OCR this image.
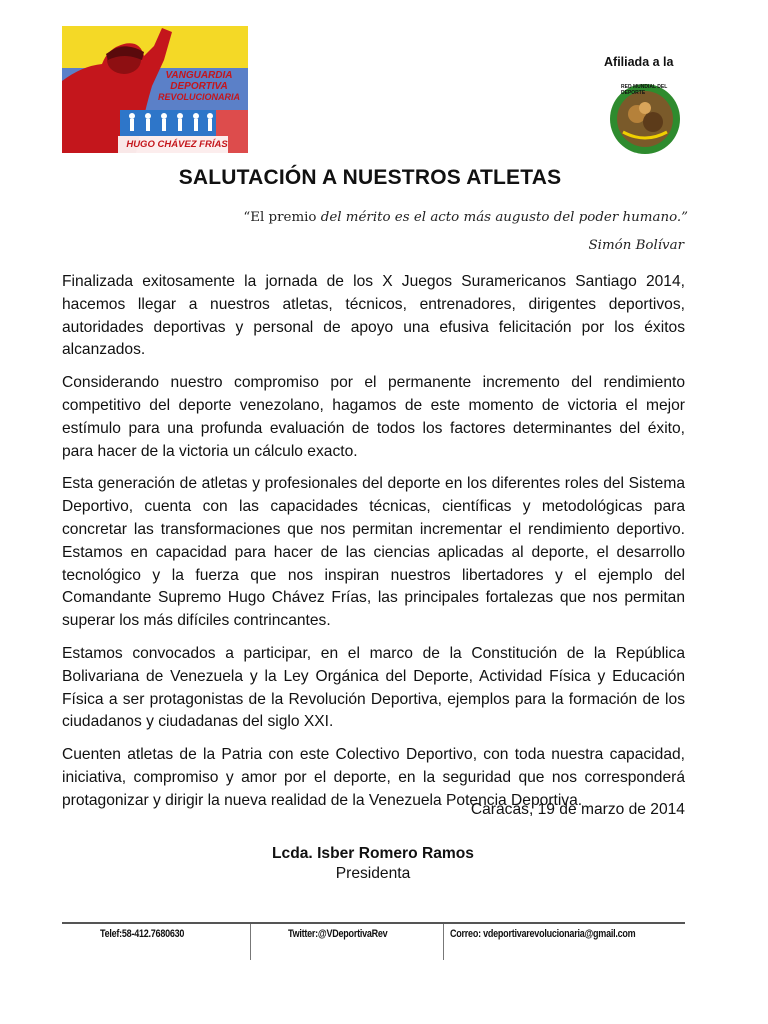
VANGUARDIA
DEPORTIVA
REVOLUCIONARIA
HUGO CHÁVEZ FRÍAS
Afiliada a la
RED MUNDIAL DEL DEPORTE
SALUTACIÓN A NUESTROS ATLETAS
“El premio del mérito es el acto más augusto del poder humano.”
Simón Bolívar

Finalizada exitosamente la jornada de los X Juegos Suramericanos Santiago 2014, hacemos llegar a nuestros atletas, técnicos, entrenadores, dirigentes deportivos, autoridades deportivas y personal de apoyo una efusiva felicitación por los éxitos alcanzados.

Considerando nuestro compromiso por el permanente incremento del rendimiento competitivo del deporte venezolano, hagamos de este momento de victoria el mejor estímulo para una profunda evaluación de todos los factores determinantes del éxito, para hacer de la victoria un cálculo exacto.

Esta generación de atletas y profesionales del deporte en los diferentes roles del Sistema Deportivo, cuenta con las capacidades técnicas, científicas y metodológicas para concretar las transformaciones que nos permitan incrementar el rendimiento deportivo. Estamos en capacidad para hacer de las ciencias aplicadas al deporte, el desarrollo tecnológico y la fuerza que nos inspiran nuestros libertadores y el ejemplo del Comandante Supremo Hugo Chávez Frías, las principales fortalezas que nos permitan superar los más difíciles contrincantes.

Estamos convocados a participar, en el marco de la Constitución de la República Bolivariana de Venezuela y la Ley Orgánica del Deporte, Actividad Física y Educación Física a ser protagonistas de la Revolución Deportiva, ejemplos para la formación de los ciudadanos y ciudadanas del siglo XXI.

Cuenten atletas de la Patria con este Colectivo Deportivo, con toda nuestra capacidad, iniciativa, compromiso y amor por el deporte, en la seguridad que nos corresponderá protagonizar y dirigir la nueva realidad de la Venezuela Potencia Deportiva.

Caracas, 19 de marzo de 2014
Lcda. Isber Romero Ramos
Presidenta
Telef:58-412.7680630	Twitter:@VDeportivaRev	Correo: vdeportivarevolucionaria@gmail.com
